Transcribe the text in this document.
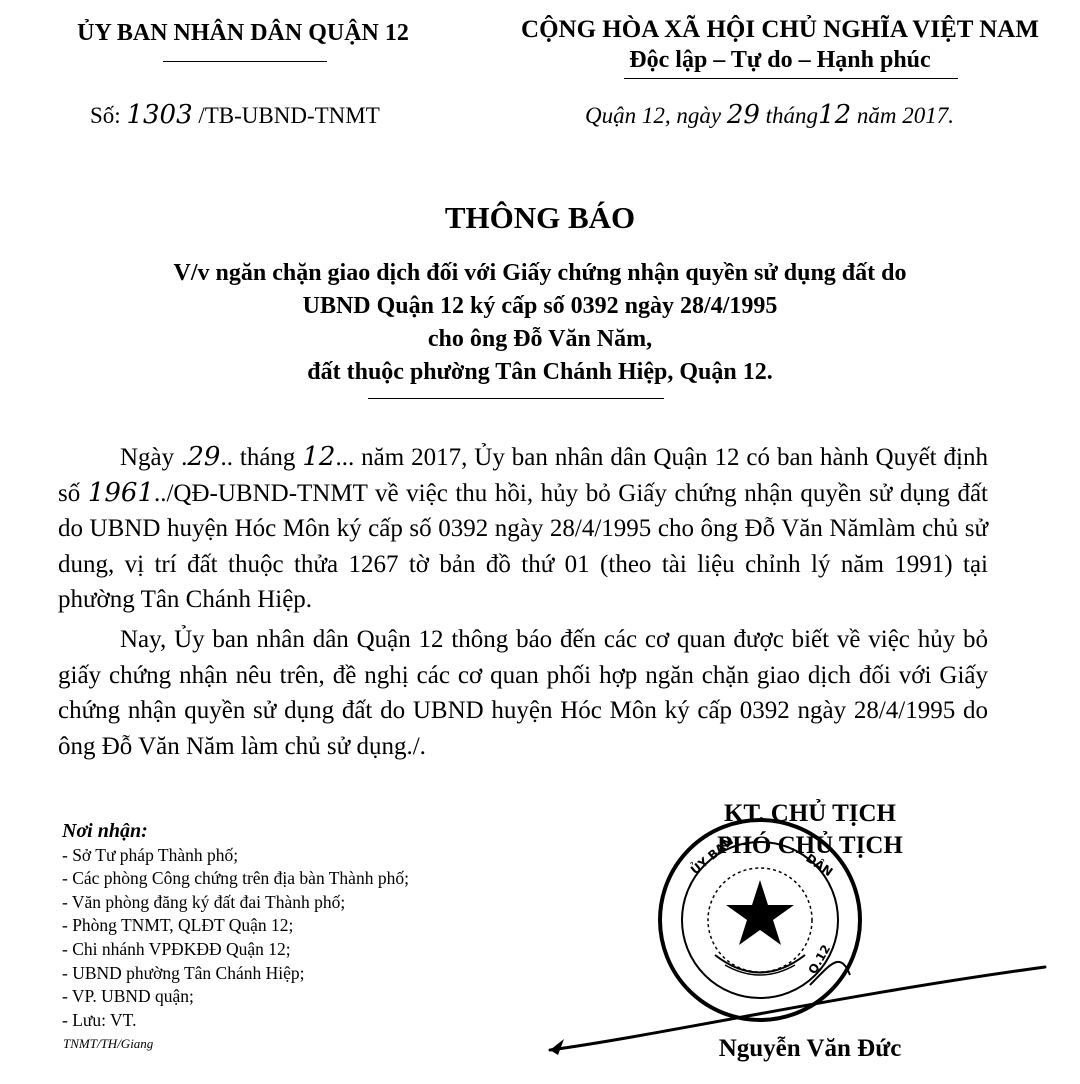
ỦY BAN NHÂN DÂN QUẬN 12	CỘNG HÒA XÃ HỘI CHỦ NGHĨA VIỆT NAM
Độc lập – Tự do – Hạnh phúc
Số: 1303 /TB-UBND-TNMT	Quận 12, ngày 29 tháng12 năm 2017.
THÔNG BÁO
V/v ngăn chặn giao dịch đối với Giấy chứng nhận quyền sử dụng đất do
UBND Quận 12 ký cấp số 0392 ngày 28/4/1995
cho ông Đỗ Văn Năm,
đất thuộc phường Tân Chánh Hiệp, Quận 12.

Ngày .29.. tháng 12... năm 2017, Ủy ban nhân dân Quận 12 có ban hành Quyết định số 1961../QĐ-UBND-TNMT về việc thu hồi, hủy bỏ Giấy chứng nhận quyền sử dụng đất do UBND huyện Hóc Môn ký cấp số 0392 ngày 28/4/1995 cho ông Đỗ Văn Nămlàm chủ sử dung, vị trí đất thuộc thửa 1267 tờ bản đồ thứ 01 (theo tài liệu chỉnh lý năm 1991) tại phường Tân Chánh Hiệp.

Nay, Ủy ban nhân dân Quận 12 thông báo đến các cơ quan được biết về việc hủy bỏ giấy chứng nhận nêu trên, đề nghị các cơ quan phối hợp ngăn chặn giao dịch đối với Giấy chứng nhận quyền sử dụng đất do UBND huyện Hóc Môn ký cấp 0392 ngày 28/4/1995 do ông Đỗ Văn Năm làm chủ sử dụng./.

Nơi nhận:
- Sở Tư pháp Thành phố;
- Các phòng Công chứng trên địa bàn Thành phố;
- Văn phòng đăng ký đất đai Thành phố;
- Phòng TNMT, QLĐT Quận 12;
- Chi nhánh VPĐKĐĐ Quận 12;
- UBND phường Tân Chánh Hiệp;
- VP. UBND quận;
- Lưu: VT.
TNMT/TH/Giang
ỦY BAN	DÂN
Q.12
KT. CHỦ TỊCH
PHÓ CHỦ TỊCH
Nguyễn Văn Đức
